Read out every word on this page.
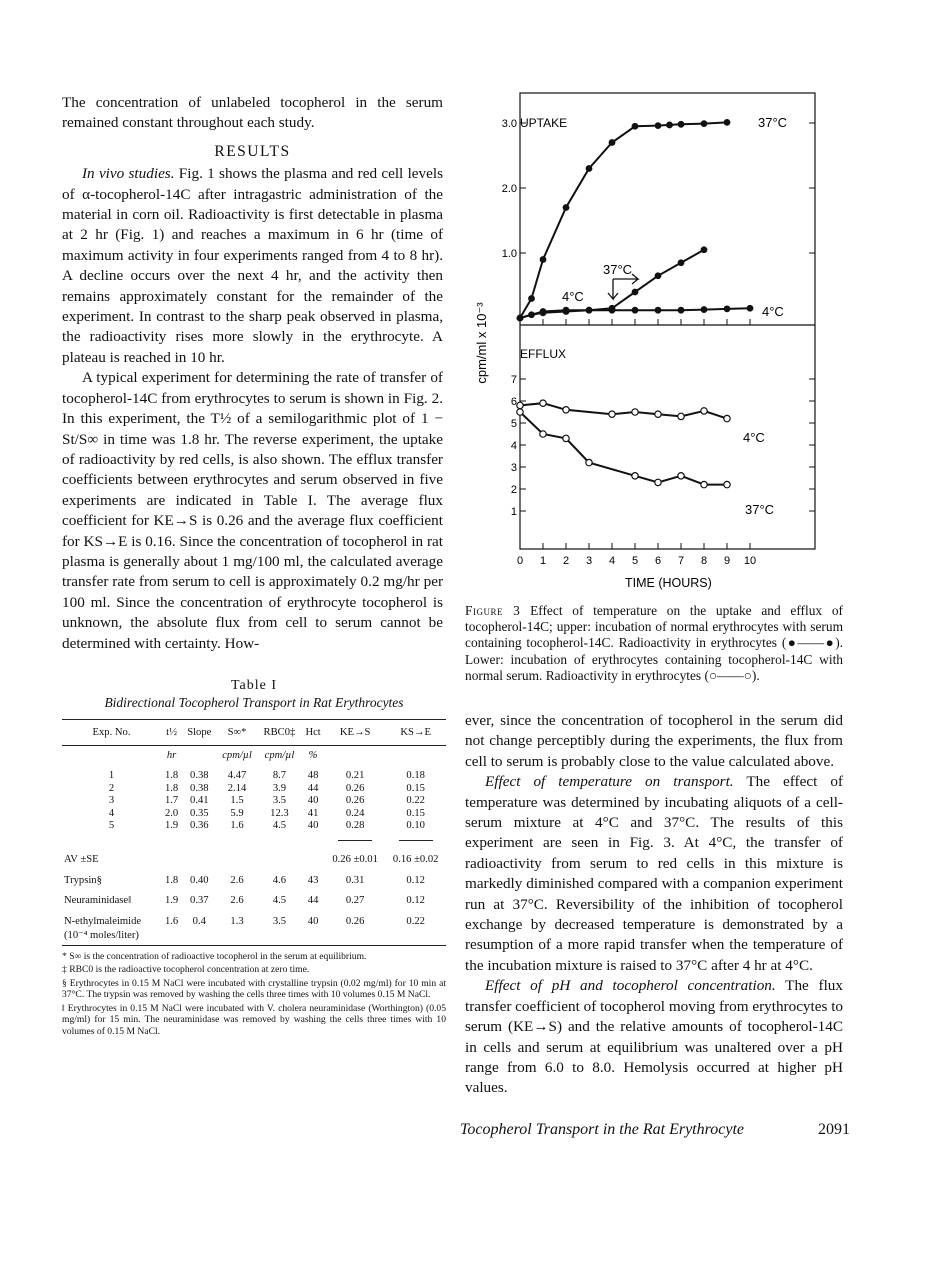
The concentration of unlabeled tocopherol in the serum remained constant throughout each study.

RESULTS

In vivo studies. Fig. 1 shows the plasma and red cell levels of α-tocopherol-14C after intragastric administration of the material in corn oil. Radioactivity is first detectable in plasma at 2 hr (Fig. 1) and reaches a maximum in 6 hr (time of maximum activity in four experiments ranged from 4 to 8 hr). A decline occurs over the next 4 hr, and the activity then remains approximately constant for the remainder of the experiment. In contrast to the sharp peak observed in plasma, the radioactivity rises more slowly in the erythrocyte. A plateau is reached in 10 hr.

A typical experiment for determining the rate of transfer of tocopherol-14C from erythrocytes to serum is shown in Fig. 2. In this experiment, the T½ of a semilogarithmic plot of 1 − St/S∞ in time was 1.8 hr. The reverse experiment, the uptake of radioactivity by red cells, is also shown. The efflux transfer coefficients between erythrocytes and serum observed in five experiments are indicated in Table I. The average flux coefficient for KE→S is 0.26 and the average flux coefficient for KS→E is 0.16. Since the concentration of tocopherol in rat plasma is generally about 1 mg/100 ml, the calculated average transfer rate from serum to cell is approximately 0.2 mg/hr per 100 ml. Since the concentration of erythrocyte tocopherol is unknown, the absolute flux from cell to serum cannot be determined with certainty. How-

Table I
Bidirectional Tocopherol Transport in Rat Erythrocytes
Exp. No.	t½	Slope	S∞*	RBC0‡	Hct	KE→S	KS→E
	hr		cpm/µl	cpm/µl	%		
1	1.8	0.38	4.47	8.7	48	0.21	0.18
2	1.8	0.38	2.14	3.9	44	0.26	0.15
3	1.7	0.41	1.5	3.5	40	0.26	0.22
4	2.0	0.35	5.9	12.3	41	0.24	0.15
5	1.9	0.36	1.6	4.5	40	0.28	0.10

AV ±SE						0.26 ±0.01	0.16 ±0.02
Trypsin§	1.8	0.40	2.6	4.6	43	0.31	0.12
Neuraminidase‖	1.9	0.37	2.6	4.5	44	0.27	0.12
N-ethylmaleimide	1.6	0.4	1.3	3.5	40	0.26	0.22
(10⁻⁴ moles/liter)							

* S∞ is the concentration of radioactive tocopherol in the serum at equilibrium.

‡ RBC0 is the radioactive tocopherol concentration at zero time.

§ Erythrocytes in 0.15 M NaCl were incubated with crystalline trypsin (0.02 mg/ml) for 10 min at 37°C. The trypsin was removed by washing the cells three times with 10 volumes 0.15 M NaCl.

‖ Erythrocytes in 0.15 M NaCl were incubated with V. cholera neuraminidase (Worthington) (0.05 mg/ml) for 15 min. The neuraminidase was removed by washing the cells three times with 10 volumes of 0.15 M NaCl.

1.0
2.0
3.0
1
2
3
4
5
6
7
0 1 2 3 4 5 6 7 8 9 10
UPTAKE
EFFLUX
TIME (HOURS)
cpm/ml x 10⁻³
37°C
4°C
37°C
4°C
4°C
37°C
Figure 3 Effect of temperature on the uptake and efflux of tocopherol-14C; upper: incubation of normal erythrocytes with serum containing tocopherol-14C. Radioactivity in erythrocytes (●——●). Lower: incubation of erythrocytes containing tocopherol-14C with normal serum. Radioactivity in erythrocytes (○——○).

ever, since the concentration of tocopherol in the serum did not change perceptibly during the experiments, the flux from cell to serum is probably close to the value calculated above.

Effect of temperature on transport. The effect of temperature was determined by incubating aliquots of a cell-serum mixture at 4°C and 37°C. The results of this experiment are seen in Fig. 3. At 4°C, the transfer of radioactivity from serum to red cells in this mixture is markedly diminished compared with a companion experiment run at 37°C. Reversibility of the inhibition of tocopherol exchange by decreased temperature is demonstrated by a resumption of a more rapid transfer when the temperature of the incubation mixture is raised to 37°C after 4 hr at 4°C.

Effect of pH and tocopherol concentration. The flux transfer coefficient of tocopherol moving from erythrocytes to serum (KE→S) and the relative amounts of tocopherol-14C in cells and serum at equilibrium was unaltered over a pH range from 6.0 to 8.0. Hemolysis occurred at higher pH values.

Tocopherol Transport in the Rat Erythrocyte	2091
